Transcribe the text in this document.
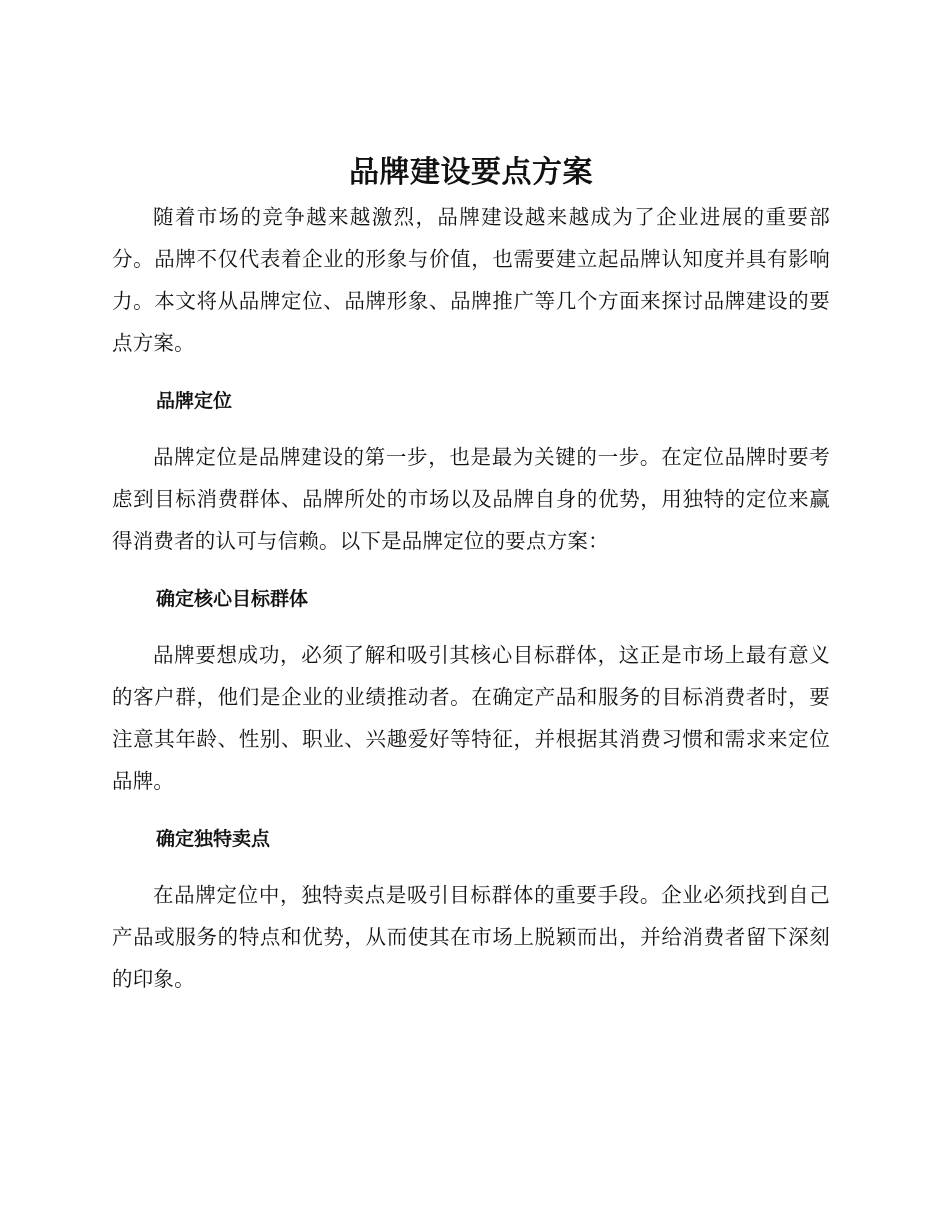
品牌建设要点方案

随着市场的竞争越来越激烈，品牌建设越来越成为了企业进展的重要部分。品牌不仅代表着企业的形象与价值，也需要建立起品牌认知度并具有影响力。本文将从品牌定位、品牌形象、品牌推广等几个方面来探讨品牌建设的要点方案。

品牌定位

品牌定位是品牌建设的第一步，也是最为关键的一步。在定位品牌时要考虑到目标消费群体、品牌所处的市场以及品牌自身的优势，用独特的定位来赢得消费者的认可与信赖。以下是品牌定位的要点方案：

确定核心目标群体

品牌要想成功，必须了解和吸引其核心目标群体，这正是市场上最有意义的客户群，他们是企业的业绩推动者。在确定产品和服务的目标消费者时，要注意其年龄、性别、职业、兴趣爱好等特征，并根据其消费习惯和需求来定位品牌。

确定独特卖点

在品牌定位中，独特卖点是吸引目标群体的重要手段。企业必须找到自己产品或服务的特点和优势，从而使其在市场上脱颖而出，并给消费者留下深刻的印象。
